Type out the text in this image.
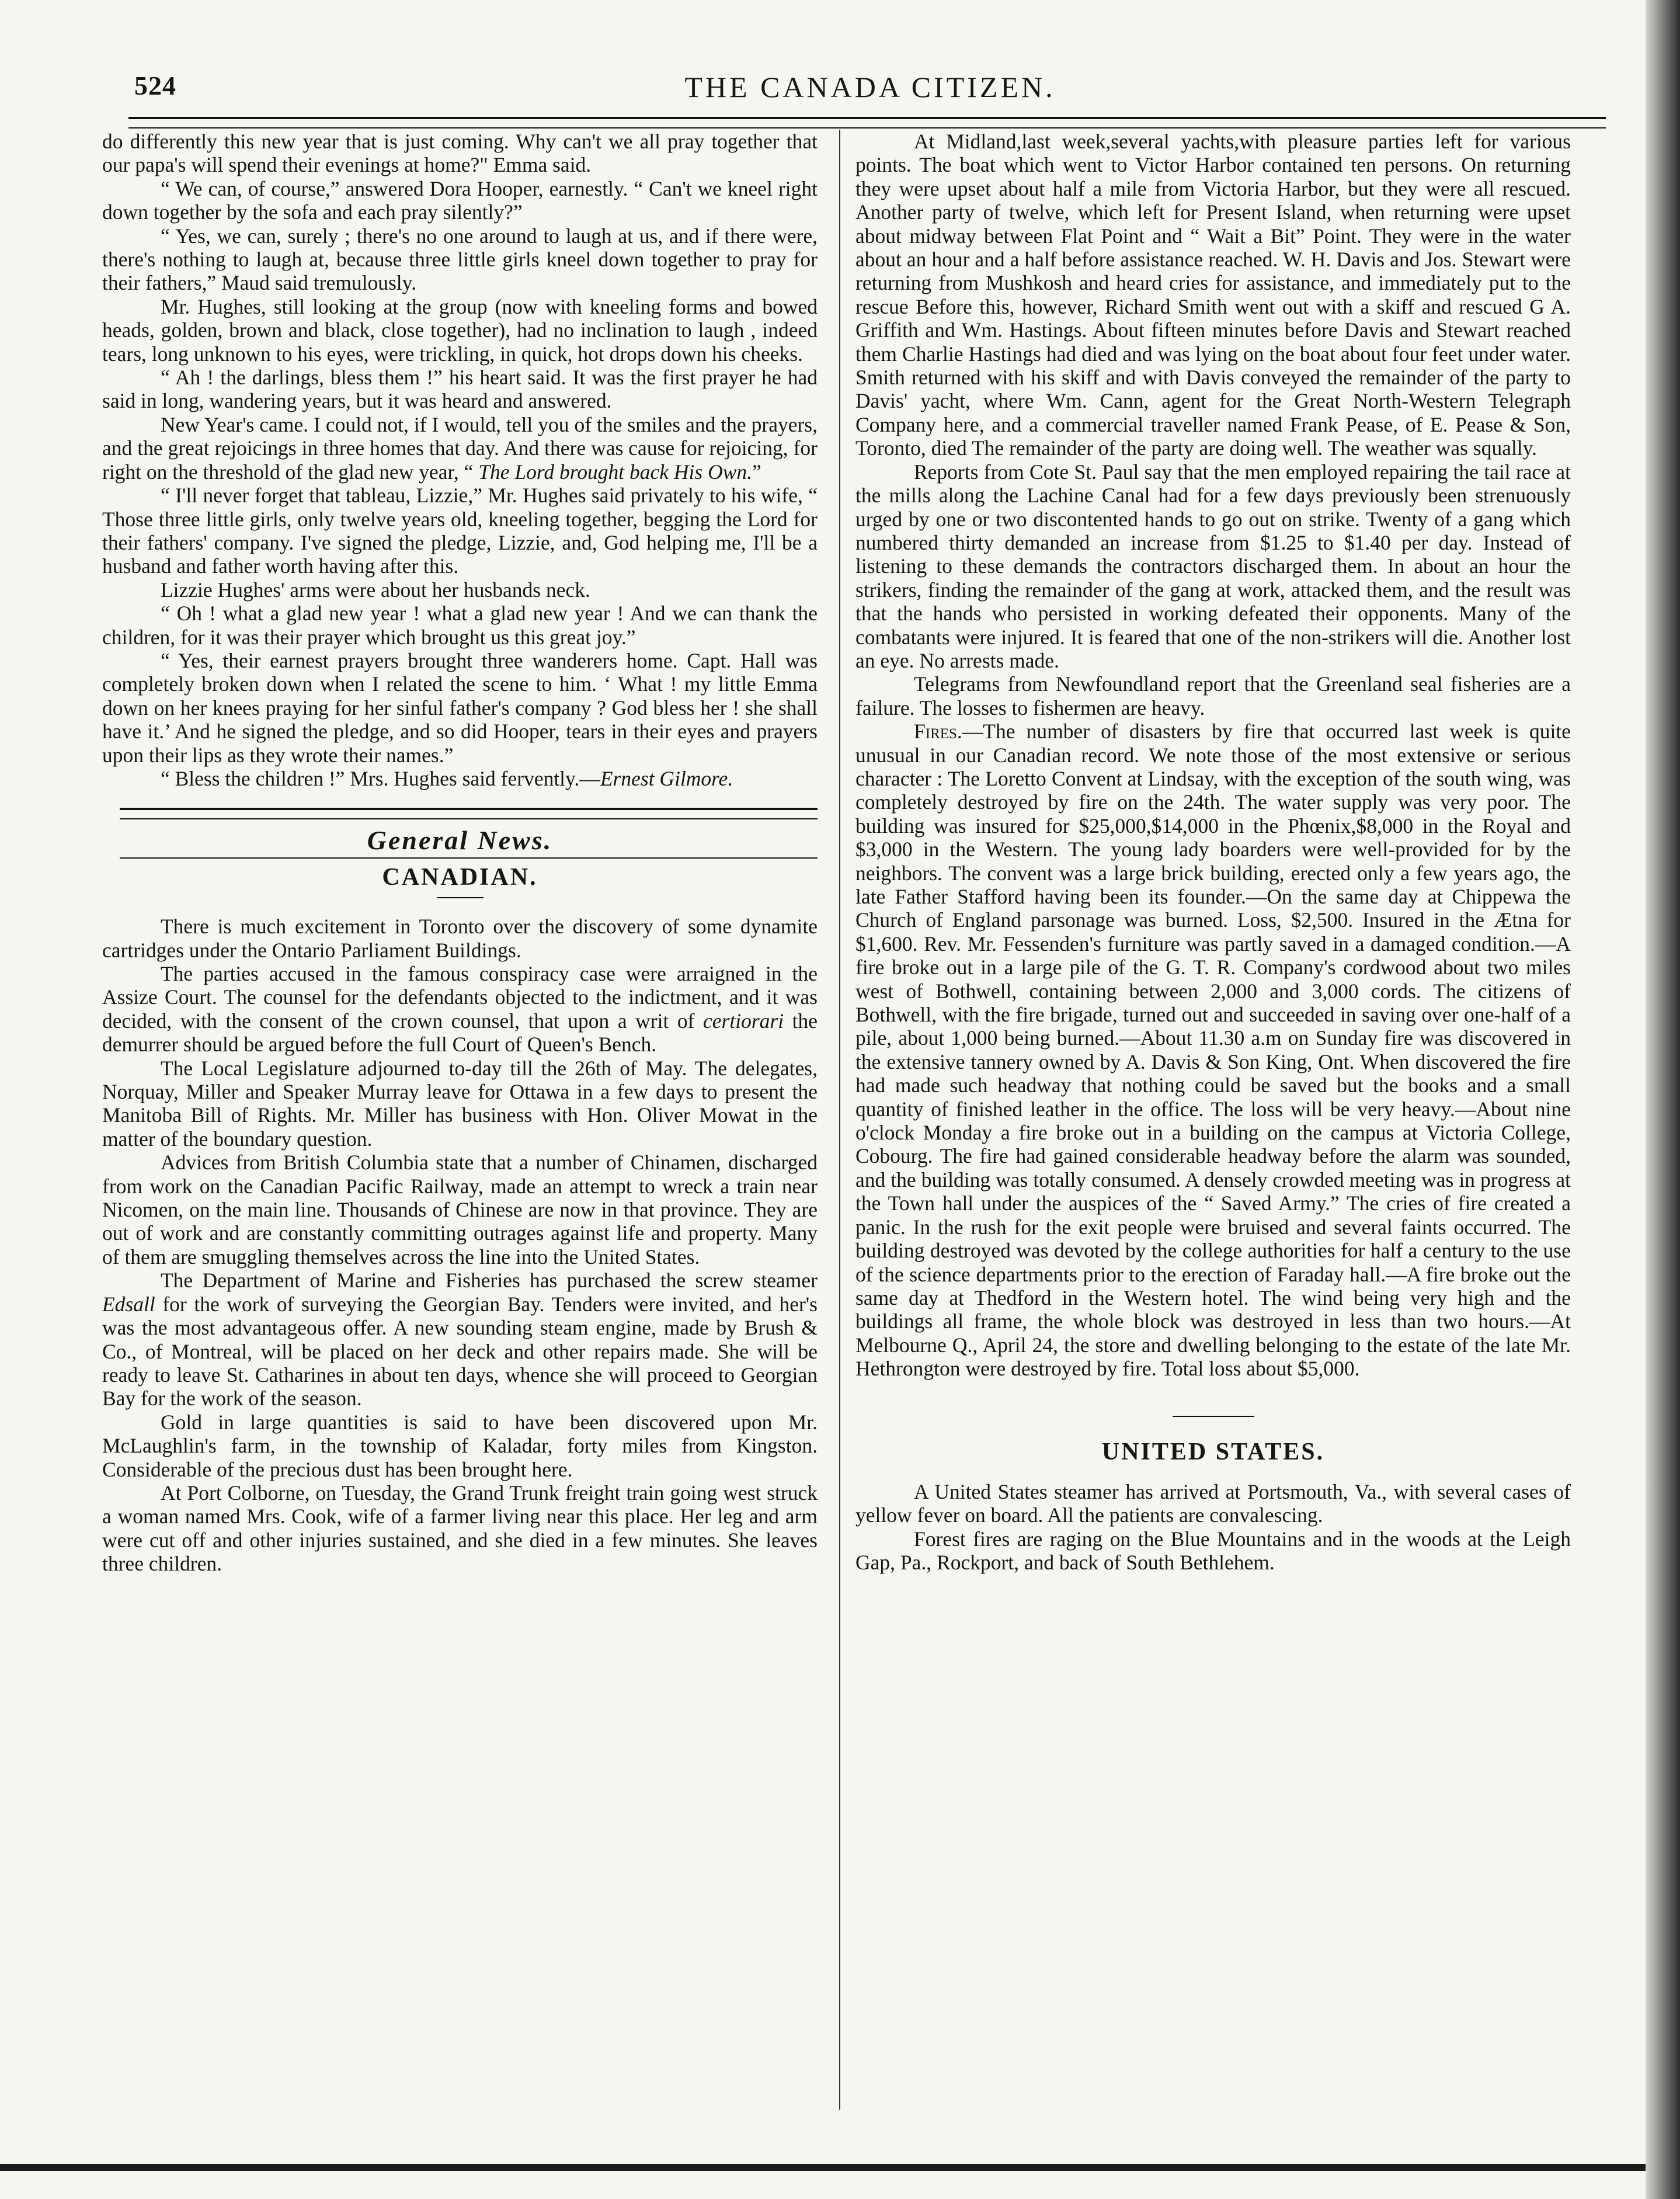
524	THE CANADA CITIZEN.

do differently this new year that is just coming. Why can't we all pray together that our papa's will spend their evenings at home?" Emma said.

“ We can, of course,” answered Dora Hooper, earnestly. “ Can't we kneel right down together by the sofa and each pray silently?”

“ Yes, we can, surely ; there's no one around to laugh at us, and if there were, there's nothing to laugh at, because three little girls kneel down together to pray for their fathers,” Maud said tremulously.

Mr. Hughes, still looking at the group (now with kneeling forms and bowed heads, golden, brown and black, close together), had no inclination to laugh , indeed tears, long unknown to his eyes, were trickling, in quick, hot drops down his cheeks.

“ Ah ! the darlings, bless them !” his heart said. It was the first prayer he had said in long, wandering years, but it was heard and answered.

New Year's came. I could not, if I would, tell you of the smiles and the prayers, and the great rejoicings in three homes that day. And there was cause for rejoicing, for right on the threshold of the glad new year, “ The Lord brought back His Own.”

“ I'll never forget that tableau, Lizzie,” Mr. Hughes said privately to his wife, “ Those three little girls, only twelve years old, kneeling together, begging the Lord for their fathers' company. I've signed the pledge, Lizzie, and, God helping me, I'll be a husband and father worth having after this.

Lizzie Hughes' arms were about her husbands neck.

“ Oh ! what a glad new year ! what a glad new year ! And we can thank the children, for it was their prayer which brought us this great joy.”

“ Yes, their earnest prayers brought three wanderers home. Capt. Hall was completely broken down when I related the scene to him. ‘ What ! my little Emma down on her knees praying for her sinful father's company ? God bless her ! she shall have it.’ And he signed the pledge, and so did Hooper, tears in their eyes and prayers upon their lips as they wrote their names.”

“ Bless the children !” Mrs. Hughes said fervently.—Ernest Gilmore.

General News.
CANADIAN.

There is much excitement in Toronto over the discovery of some dynamite cartridges under the Ontario Parliament Buildings.

The parties accused in the famous conspiracy case were arraigned in the Assize Court. The counsel for the defendants objected to the indictment, and it was decided, with the consent of the crown counsel, that upon a writ of certiorari the demurrer should be argued before the full Court of Queen's Bench.

The Local Legislature adjourned to-day till the 26th of May. The delegates, Norquay, Miller and Speaker Murray leave for Ottawa in a few days to present the Manitoba Bill of Rights. Mr. Miller has business with Hon. Oliver Mowat in the matter of the boundary question.

Advices from British Columbia state that a number of Chinamen, discharged from work on the Canadian Pacific Railway, made an attempt to wreck a train near Nicomen, on the main line. Thousands of Chinese are now in that province. They are out of work and are constantly committing outrages against life and property. Many of them are smuggling themselves across the line into the United States.

The Department of Marine and Fisheries has purchased the screw steamer Edsall for the work of surveying the Georgian Bay. Tenders were invited, and her's was the most advantageous offer. A new sounding steam engine, made by Brush & Co., of Montreal, will be placed on her deck and other repairs made. She will be ready to leave St. Catharines in about ten days, whence she will proceed to Georgian Bay for the work of the season.

Gold in large quantities is said to have been discovered upon Mr. McLaughlin's farm, in the township of Kaladar, forty miles from Kingston. Considerable of the precious dust has been brought here.

At Port Colborne, on Tuesday, the Grand Trunk freight train going west struck a woman named Mrs. Cook, wife of a farmer living near this place. Her leg and arm were cut off and other injuries sustained, and she died in a few minutes. She leaves three children.

At Midland,last week,several yachts,with pleasure parties left for various points. The boat which went to Victor Harbor contained ten persons. On returning they were upset about half a mile from Victoria Harbor, but they were all rescued. Another party of twelve, which left for Present Island, when returning were upset about midway between Flat Point and “ Wait a Bit” Point. They were in the water about an hour and a half before assistance reached. W. H. Davis and Jos. Stewart were returning from Mushkosh and heard cries for assistance, and immediately put to the rescue Before this, however, Richard Smith went out with a skiff and rescued G A. Griffith and Wm. Hastings. About fifteen minutes before Davis and Stewart reached them Charlie Hastings had died and was lying on the boat about four feet under water. Smith returned with his skiff and with Davis conveyed the remainder of the party to Davis' yacht, where Wm. Cann, agent for the Great North-Western Telegraph Company here, and a commercial traveller named Frank Pease, of E. Pease & Son, Toronto, died The remainder of the party are doing well. The weather was squally.

Reports from Cote St. Paul say that the men employed repairing the tail race at the mills along the Lachine Canal had for a few days previously been strenuously urged by one or two discontented hands to go out on strike. Twenty of a gang which numbered thirty demanded an increase from $1.25 to $1.40 per day. Instead of listening to these demands the contractors discharged them. In about an hour the strikers, finding the remainder of the gang at work, attacked them, and the result was that the hands who persisted in working defeated their opponents. Many of the combatants were injured. It is feared that one of the non-strikers will die. Another lost an eye. No arrests made.

Telegrams from Newfoundland report that the Greenland seal fisheries are a failure. The losses to fishermen are heavy.

Fires.—The number of disasters by fire that occurred last week is quite unusual in our Canadian record. We note those of the most extensive or serious character : The Loretto Convent at Lindsay, with the exception of the south wing, was completely destroyed by fire on the 24th. The water supply was very poor. The building was insured for $25,000,$14,000 in the Phœnix,$8,000 in the Royal and $3,000 in the Western. The young lady boarders were well-provided for by the neighbors. The convent was a large brick building, erected only a few years ago, the late Father Stafford having been its founder.—On the same day at Chippewa the Church of England parsonage was burned. Loss, $2,500. Insured in the Ætna for $1,600. Rev. Mr. Fessenden's furniture was partly saved in a damaged condition.—A fire broke out in a large pile of the G. T. R. Company's cordwood about two miles west of Bothwell, containing between 2,000 and 3,000 cords. The citizens of Bothwell, with the fire brigade, turned out and succeeded in saving over one-half of a pile, about 1,000 being burned.—About 11.30 a.m on Sunday fire was discovered in the extensive tannery owned by A. Davis & Son King, Ont. When discovered the fire had made such headway that nothing could be saved but the books and a small quantity of finished leather in the office. The loss will be very heavy.—About nine o'clock Monday a fire broke out in a building on the campus at Victoria College, Cobourg. The fire had gained considerable headway before the alarm was sounded, and the building was totally consumed. A densely crowded meeting was in progress at the Town hall under the auspices of the “ Saved Army.” The cries of fire created a panic. In the rush for the exit people were bruised and several faints occurred. The building destroyed was devoted by the college authorities for half a century to the use of the science departments prior to the erection of Faraday hall.—A fire broke out the same day at Thedford in the Western hotel. The wind being very high and the buildings all frame, the whole block was destroyed in less than two hours.—At Melbourne Q., April 24, the store and dwelling belonging to the estate of the late Mr. Hethrongton were destroyed by fire. Total loss about $5,000.

UNITED STATES.

A United States steamer has arrived at Portsmouth, Va., with several cases of yellow fever on board. All the patients are convalescing.

Forest fires are raging on the Blue Mountains and in the woods at the Leigh Gap, Pa., Rockport, and back of South Bethlehem.
